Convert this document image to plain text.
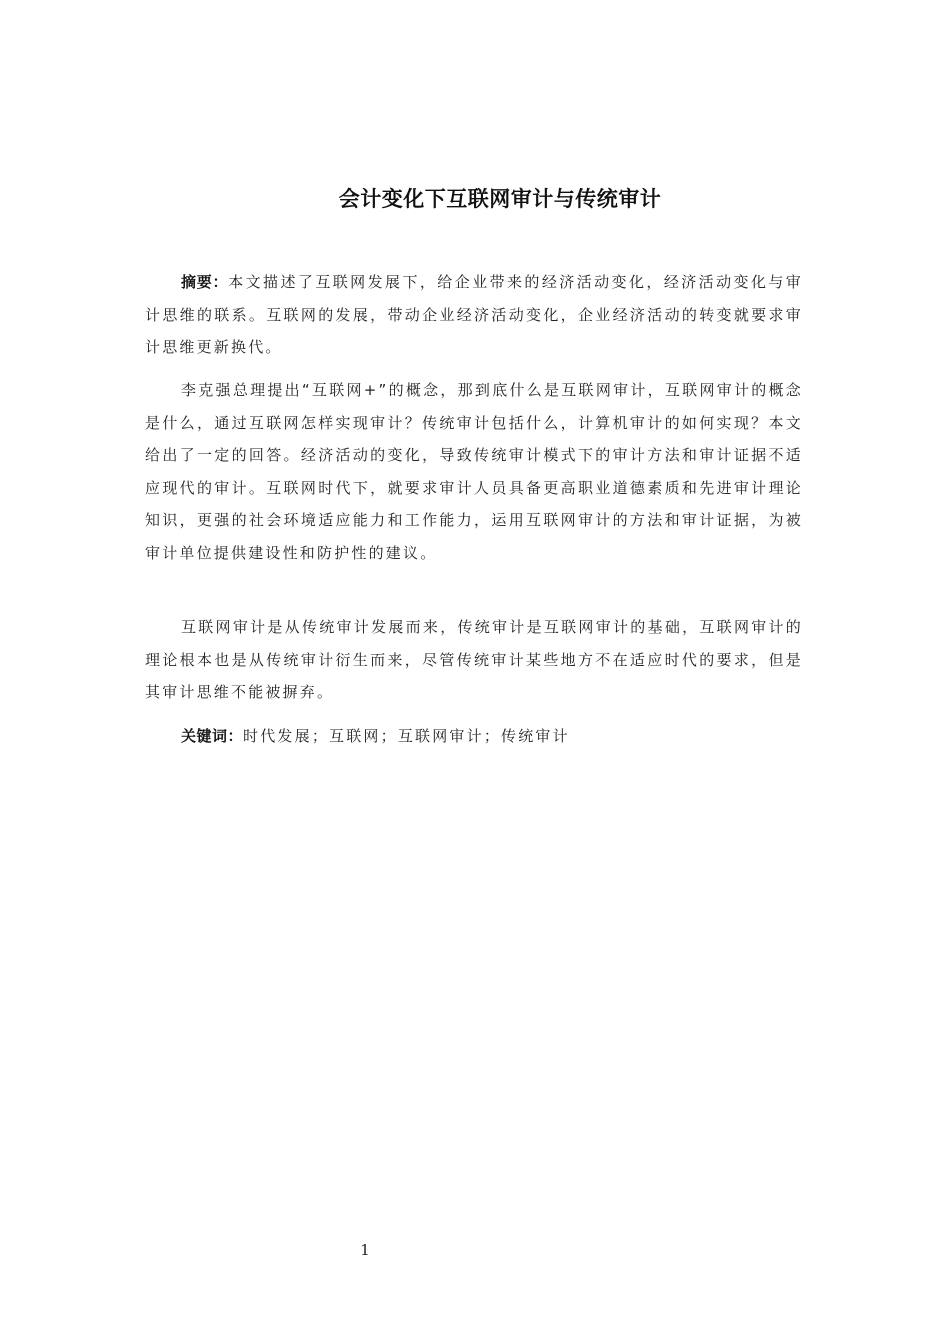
会计变化下互联网审计与传统审计

摘要：本文描述了互联网发展下，给企业带来的经济活动变化，经济活动变化与审计思维的联系。互联网的发展，带动企业经济活动变化，企业经济活动的转变就要求审计思维更新换代。

李克强总理提出“互联网+”的概念，那到底什么是互联网审计，互联网审计的概念是什么，通过互联网怎样实现审计？传统审计包括什么，计算机审计的如何实现？本文给出了一定的回答。经济活动的变化，导致传统审计模式下的审计方法和审计证据不适应现代的审计。互联网时代下，就要求审计人员具备更高职业道德素质和先进审计理论知识，更强的社会环境适应能力和工作能力，运用互联网审计的方法和审计证据，为被审计单位提供建设性和防护性的建议。

互联网审计是从传统审计发展而来，传统审计是互联网审计的基础，互联网审计的理论根本也是从传统审计衍生而来，尽管传统审计某些地方不在适应时代的要求，但是其审计思维不能被摒弃。

关键词：时代发展；互联网；互联网审计；传统审计

1
